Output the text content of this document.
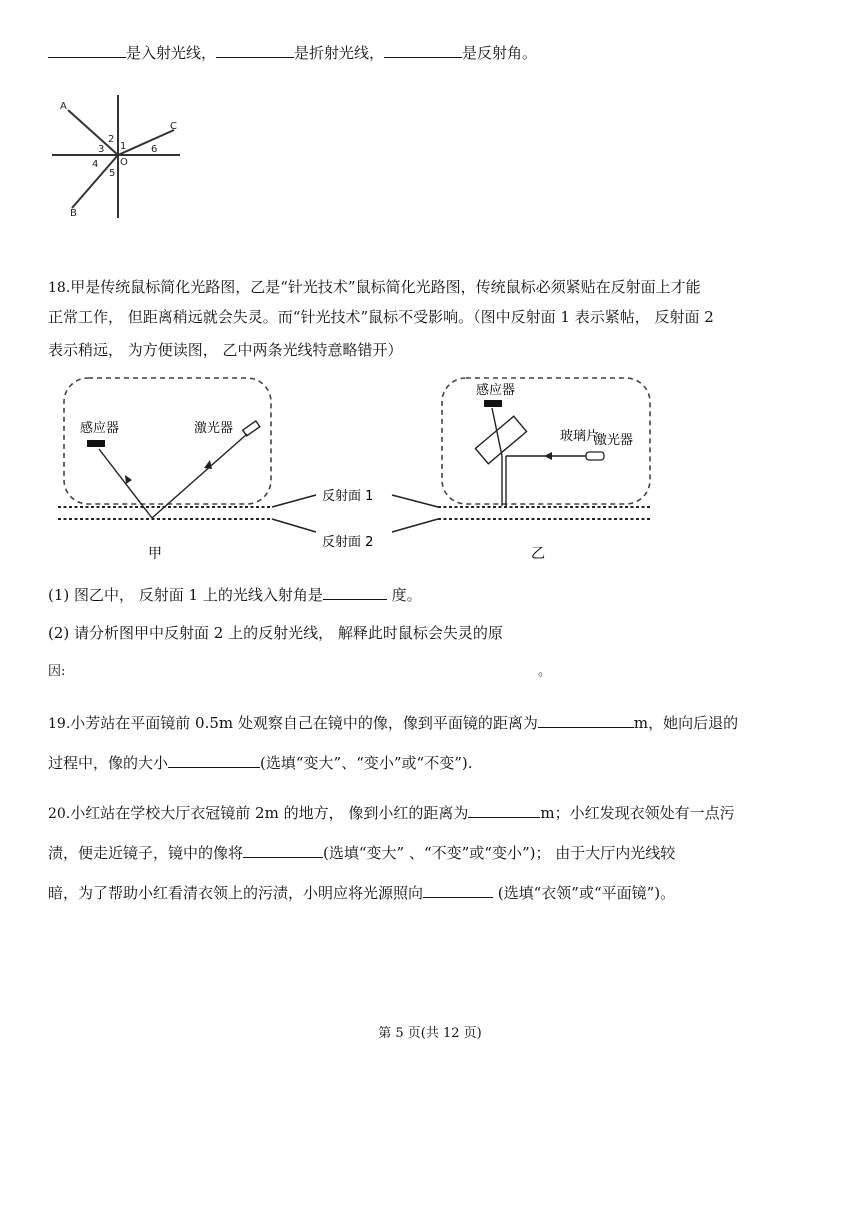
是入射光线，	是折射光线，	是反射角。
A
B
C
1
2
3
4
5
6
O
18.甲是传统鼠标简化光路图，乙是“针光技术”鼠标简化光路图，传统鼠标必须紧贴在反射面上才能
正常工作， 但距离稍远就会失灵。而“针光技术”鼠标不受影响。（图中反射面 1 表示紧帖， 反射面 2
表示稍远， 为方便读图， 乙中两条光线特意略错开）
感应器	激光器
反射面 1
反射面 2
甲	乙
感应器
玻璃片
激光器
(1) 图乙中， 反射面 1 上的光线入射角是	度。
(2) 请分析图甲中反射面 2 上的反射光线， 解释此时鼠标会失灵的原
因:	。
19.小芳站在平面镜前 0.5m 处观察自己在镜中的像，像到平面镜的距离为	m，她向后退的
过程中，像的大小	(选填“变大”、“变小”或“不变”).
20.小红站在学校大厅衣冠镜前 2m 的地方， 像到小红的距离为	m；小红发现衣领处有一点污
渍，便走近镜子，镜中的像将	(选填“变大” 、“不变”或“变小”)； 由于大厅内光线较
暗，为了帮助小红看清衣领上的污渍，小明应将光源照向	(选填“衣领”或“平面镜”)。
第 5 页(共 12 页)
